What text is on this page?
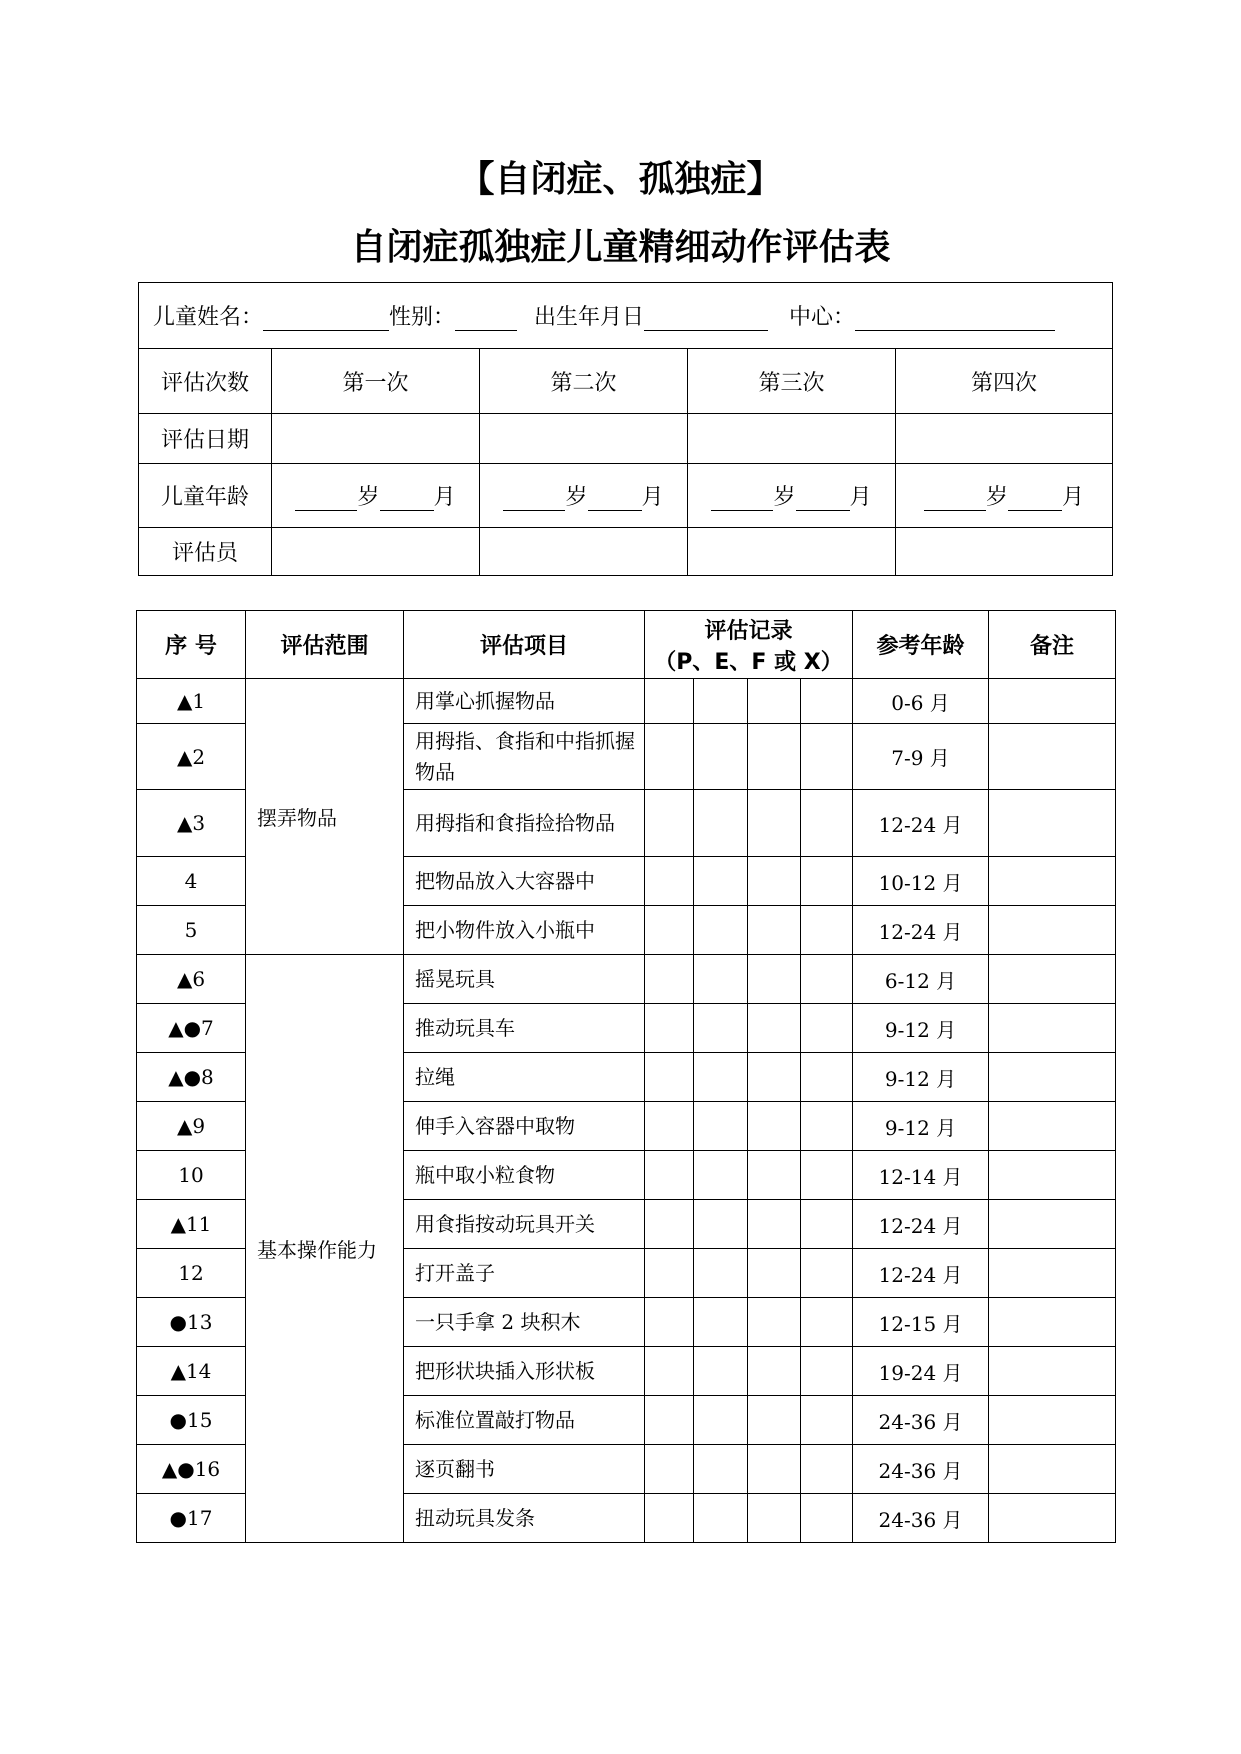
【自闭症、孤独症】
自闭症孤独症儿童精细动作评估表
儿童姓名： 性别： 出生年月日 中心：				
评估次数	第一次	第二次	第三次	第四次
评估日期				
儿童年龄	岁 月	岁 月	岁 月	岁 月
评估员				
序 号	评估范围	评估项目	评估记录
（P、E、F 或 X）				参考年龄	备注
▲1	摆弄物品	用掌心抓握物品					0-6 月	
▲2		用拇指、食指和中指抓握物品					7-9 月	
▲3		用拇指和食指捡拾物品					12-24 月	
4		把物品放入大容器中					10-12 月	
5		把小物件放入小瓶中					12-24 月	
▲6	基本操作能力	摇晃玩具					6-12 月	
▲●7		推动玩具车					9-12 月	
▲●8		拉绳					9-12 月	
▲9		伸手入容器中取物					9-12 月	
10		瓶中取小粒食物					12-14 月	
▲11		用食指按动玩具开关					12-24 月	
12		打开盖子					12-24 月	
●13		一只手拿 2 块积木					12-15 月	
▲14		把形状块插入形状板					19-24 月	
●15		标准位置敲打物品					24-36 月	
▲●16		逐页翻书					24-36 月	
●17		扭动玩具发条					24-36 月	
